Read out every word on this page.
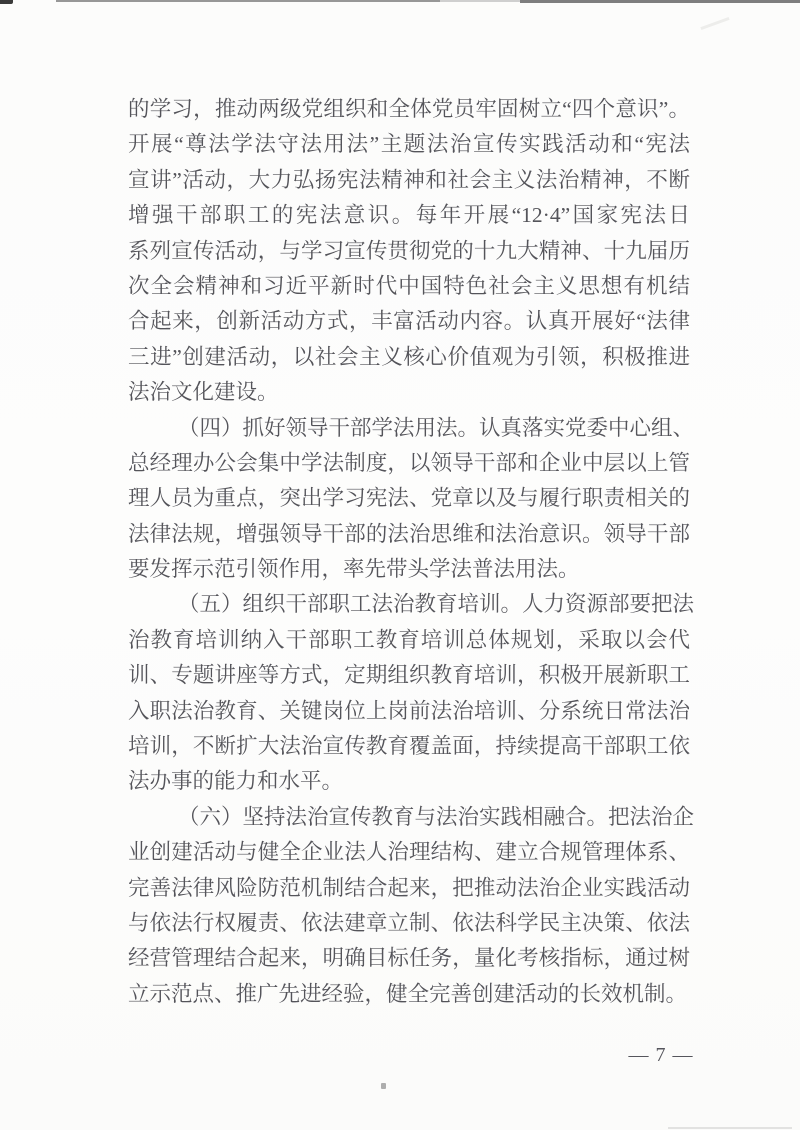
的学习，推动两级党组织和全体党员牢固树立“四个意识”。
开展“尊法学法守法用法”主题法治宣传实践活动和“宪法
宣讲”活动，大力弘扬宪法精神和社会主义法治精神，不断
增强干部职工的宪法意识。每年开展“12·4”国家宪法日
系列宣传活动，与学习宣传贯彻党的十九大精神、十九届历
次全会精神和习近平新时代中国特色社会主义思想有机结
合起来，创新活动方式，丰富活动内容。认真开展好“法律
三进”创建活动，以社会主义核心价值观为引领，积极推进
法治文化建设。
（四）抓好领导干部学法用法。认真落实党委中心组、
总经理办公会集中学法制度，以领导干部和企业中层以上管
理人员为重点，突出学习宪法、党章以及与履行职责相关的
法律法规，增强领导干部的法治思维和法治意识。领导干部
要发挥示范引领作用，率先带头学法普法用法。
（五）组织干部职工法治教育培训。人力资源部要把法
治教育培训纳入干部职工教育培训总体规划，采取以会代
训、专题讲座等方式，定期组织教育培训，积极开展新职工
入职法治教育、关键岗位上岗前法治培训、分系统日常法治
培训，不断扩大法治宣传教育覆盖面，持续提高干部职工依
法办事的能力和水平。
（六）坚持法治宣传教育与法治实践相融合。把法治企
业创建活动与健全企业法人治理结构、建立合规管理体系、
完善法律风险防范机制结合起来，把推动法治企业实践活动
与依法行权履责、依法建章立制、依法科学民主决策、依法
经营管理结合起来，明确目标任务，量化考核指标，通过树
立示范点、推广先进经验，健全完善创建活动的长效机制。
— 7 —
